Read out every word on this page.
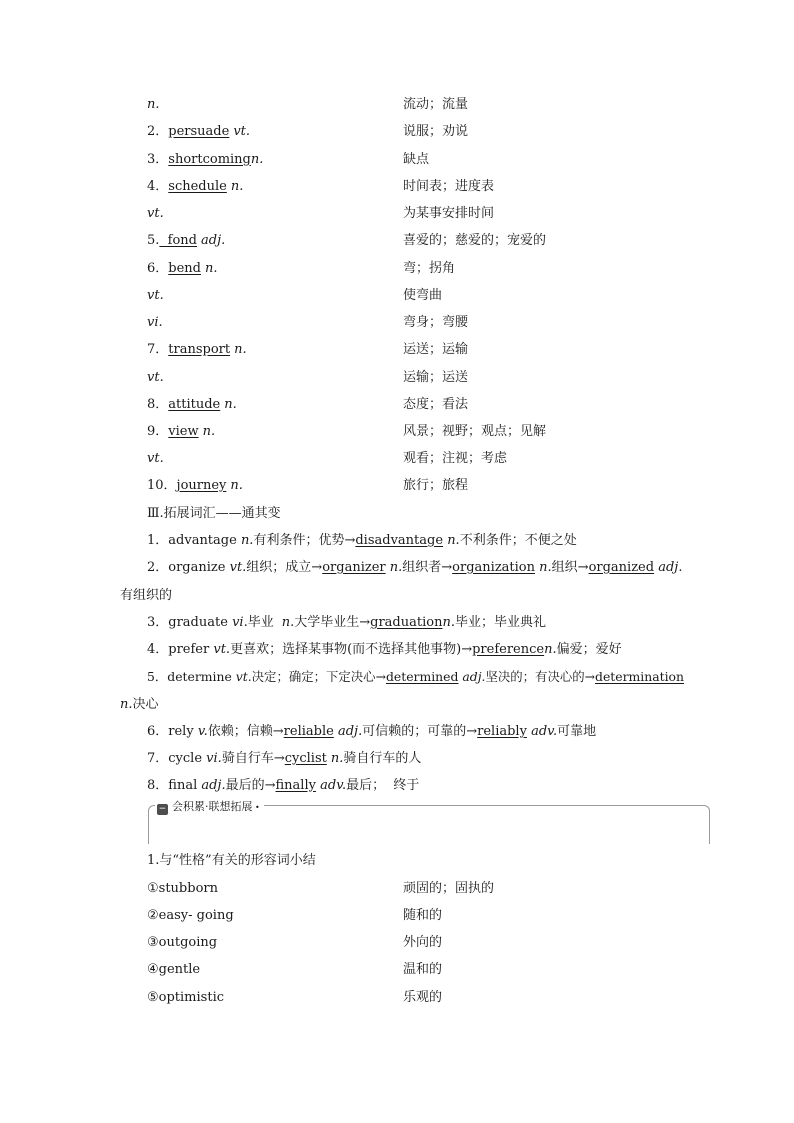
n.	流动；流量
2．persuade vt.	说服；劝说
3．shortcomingn.	缺点
4．schedule n.	时间表；进度表
vt.	为某事安排时间
5.  fond adj.	喜爱的；慈爱的；宠爱的
6．bend n.	弯；拐角
vt.	使弯曲
vi.	弯身；弯腰
7．transport n.	运送；运输
vt.	运输；运送
8．attitude n.	态度；看法
9．view n.	风景；视野；观点；见解
vt.	观看；注视；考虑
10．journey n.	旅行；旅程
Ⅲ.拓展词汇——通其变
1．advantage n.有利条件；优势→disadvantage n.不利条件；不便之处
2．organize vt.组织；成立→organizer n.组织者→organization n.组织→organized adj.
有组织的
3．graduate vi.毕业 n.大学毕业生→graduationn.毕业；毕业典礼
4．prefer vt.更喜欢；选择某事物(而不选择其他事物)→preferencen.偏爱；爱好
5．determine vt.决定；确定；下定决心→determined adj.坚决的；有决心的→determination
n.决心
6．rely v.依赖；信赖→reliable adj.可信赖的；可靠的→reliably adv.可靠地
7．cycle vi.骑自行车→cyclist n.骑自行车的人
8．final adj.最后的→finally adv.最后；  终于
− 会积累·联想拓展 •
1.与“性格”有关的形容词小结
①stubborn	顽固的；固执的
②easy- going	随和的
③outgoing	外向的
④gentle	温和的
⑤optimistic	乐观的
